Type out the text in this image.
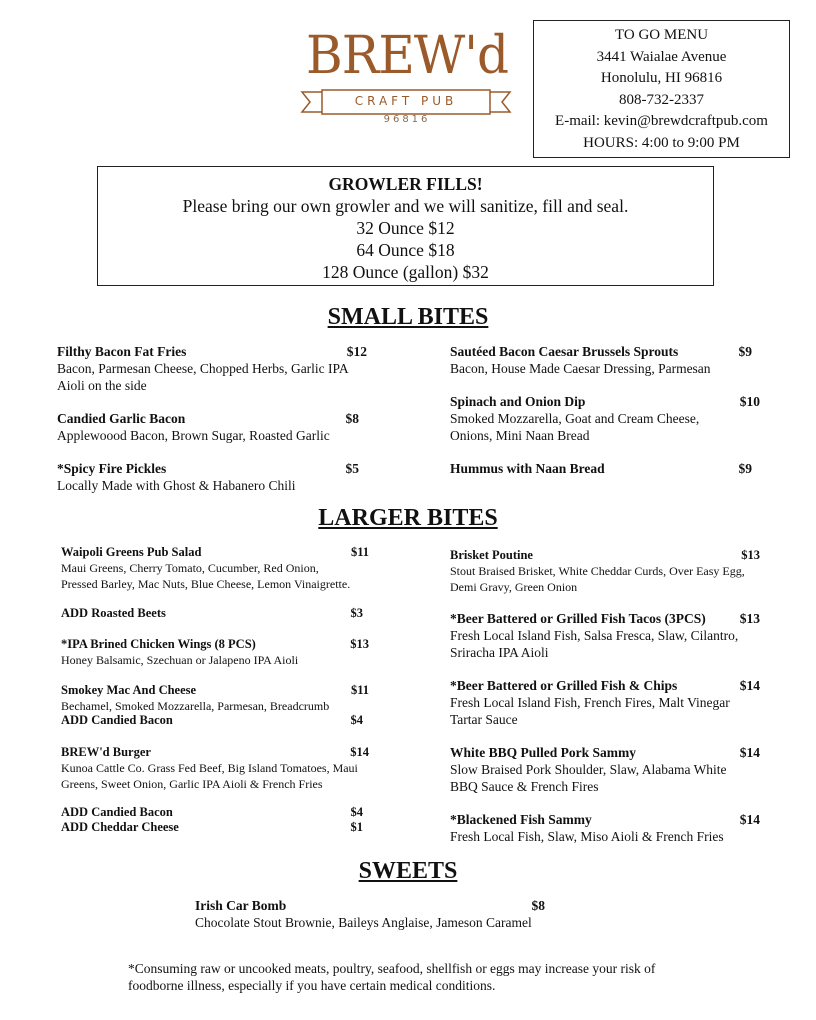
BREW'd
CRAFT PUB
96816
TO GO MENU
3441 Waialae Avenue
Honolulu, HI 96816
808-732-2337
E-mail: kevin@brewdcraftpub.com
HOURS: 4:00 to 9:00 PM
GROWLER FILLS!
Please bring our own growler and we will sanitize, fill and seal.
32 Ounce $12
64 Ounce $18
128 Ounce (gallon) $32
SMALL BITES
Filthy Bacon Fat Fries	$12
Bacon, Parmesan Cheese, Chopped Herbs, Garlic IPA Aioli on the side
Candied Garlic Bacon	$8
Applewoood Bacon, Brown Sugar, Roasted Garlic
*Spicy Fire Pickles	$5
Locally Made with Ghost & Habanero Chili
Sautéed Bacon Caesar Brussels Sprouts	$9
Bacon, House Made Caesar Dressing, Parmesan
Spinach and Onion Dip	$10
Smoked Mozzarella, Goat and Cream Cheese, Onions, Mini Naan Bread
Hummus with Naan Bread	$9
LARGER BITES
Waipoli Greens Pub Salad	$11
Maui Greens, Cherry Tomato, Cucumber, Red Onion, Pressed Barley, Mac Nuts, Blue Cheese, Lemon Vinaigrette.
ADD Roasted Beets	$3
*IPA Brined Chicken Wings (8 PCS)	$13
Honey Balsamic, Szechuan or Jalapeno IPA Aioli
Smokey Mac And Cheese	$11
Bechamel, Smoked Mozzarella, Parmesan, Breadcrumb
ADD Candied Bacon	$4
BREW'd Burger	$14
Kunoa Cattle Co. Grass Fed Beef, Big Island Tomatoes, Maui Greens, Sweet Onion, Garlic IPA Aioli & French Fries
ADD Candied Bacon	$4
ADD Cheddar Cheese	$1
Brisket Poutine	$13
Stout Braised Brisket, White Cheddar Curds, Over Easy Egg, Demi Gravy, Green Onion
*Beer Battered or Grilled Fish Tacos (3PCS)	$13
Fresh Local Island Fish, Salsa Fresca, Slaw, Cilantro, Sriracha IPA Aioli
*Beer Battered or Grilled Fish & Chips	$14
Fresh Local Island Fish, French Fires, Malt Vinegar Tartar Sauce
White BBQ Pulled Pork Sammy	$14
Slow Braised Pork Shoulder, Slaw, Alabama White BBQ Sauce & French Fires
*Blackened Fish Sammy	$14
Fresh Local Fish, Slaw, Miso Aioli & French Fries
SWEETS
Irish Car Bomb	$8
Chocolate Stout Brownie, Baileys Anglaise, Jameson Caramel
*Consuming raw or uncooked meats, poultry, seafood, shellfish or eggs may increase your risk of foodborne illness, especially if you have certain medical conditions.
